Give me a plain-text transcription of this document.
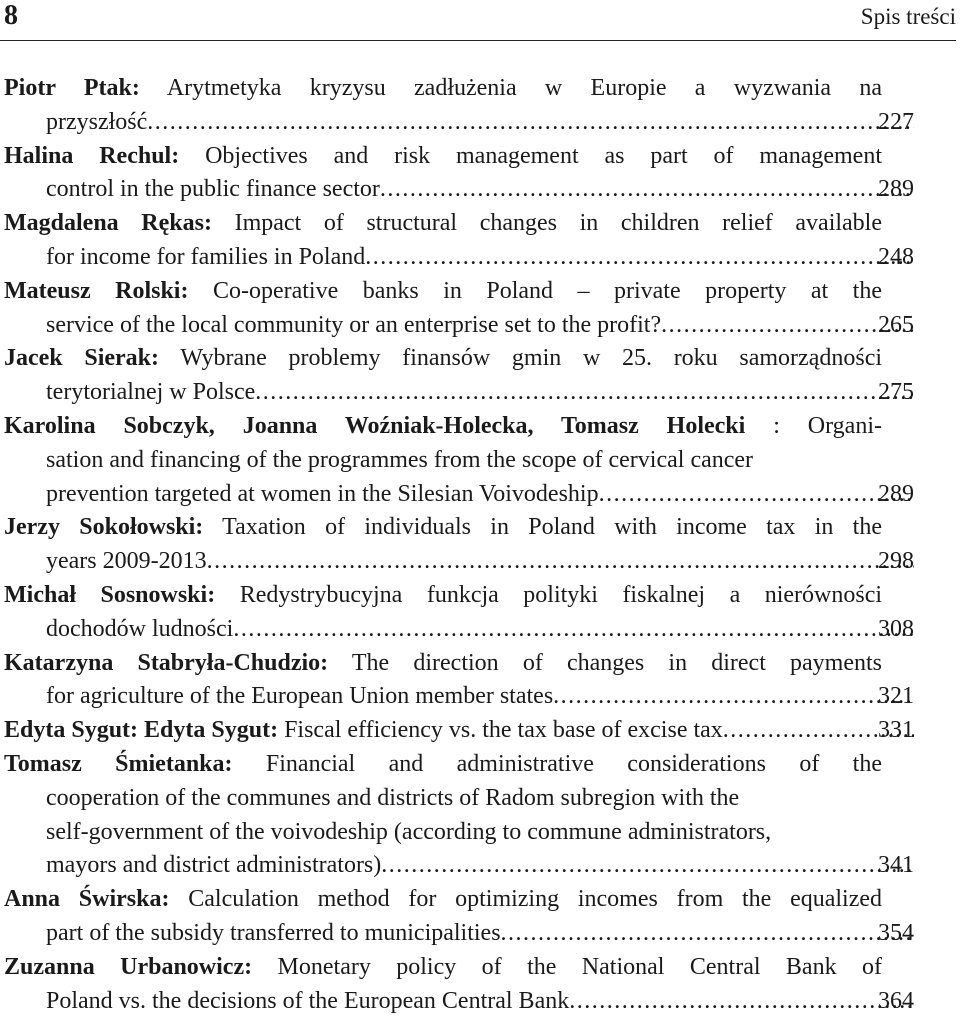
8	Spis treści
Piotr Ptak: Arytmetyka kryzysu zadłużenia w Europie a wyzwania na
przyszłość .....	227
Halina Rechul: Objectives and risk management as part of management
control in the public finance sector .....	289
Magdalena Rękas: Impact of structural changes in children relief available
for income for families in Poland .....	248
Mateusz Rolski: Co-operative banks in Poland – private property at the
service of the local community or an enterprise set to the profit? .....	265
Jacek Sierak: Wybrane problemy finansów gmin w 25. roku samorządności
terytorialnej w Polsce .....	275
Karolina Sobczyk, Joanna Woźniak-Holecka, Tomasz Holecki : Organi-
sation and financing of the programmes from the scope of cervical cancer
prevention targeted at women in the Silesian Voivodeship .....	289
Jerzy Sokołowski: Taxation of individuals in Poland with income tax in the
years 2009-2013 .....	298
Michał Sosnowski: Redystrybucyjna funkcja polityki fiskalnej a nierówności
dochodów ludności .....	308
Katarzyna Stabryła-Chudzio: The direction of changes in direct payments
for agriculture of the European Union member states .....	321
Edyta Sygut: Edyta Sygut: Fiscal efficiency vs. the tax base of excise tax .....	331
Tomasz Śmietanka: Financial and administrative considerations of the
cooperation of the communes and districts of Radom subregion with the
self-government of the voivodeship (according to commune administrators,
mayors and district administrators) .....	341
Anna Świrska: Calculation method for optimizing incomes from the equalized
part of the subsidy transferred to municipalities .....	354
Zuzanna Urbanowicz: Monetary policy of the National Central Bank of
Poland vs. the decisions of the European Central Bank .....	364
